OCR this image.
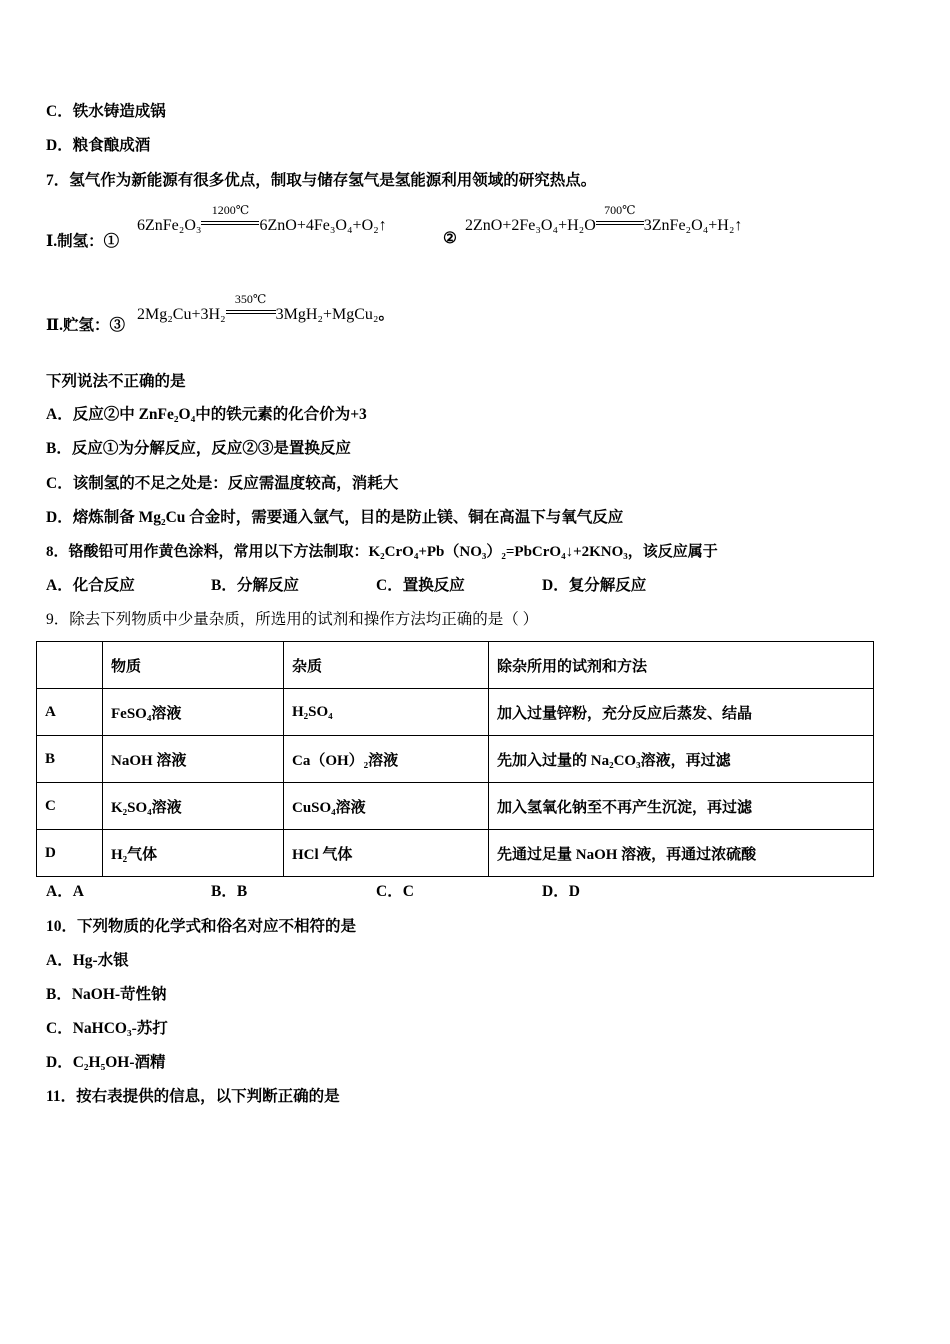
C．铁水铸造成锅
D．粮食酿成酒
7．氢气作为新能源有很多优点，制取与储存氢气是氢能源利用领域的研究热点。
Ⅰ.制氢：①
6ZnFe₂O₃
1200℃
6ZnO+4Fe₃O₄+O₂↑
②
2ZnO+2Fe₃O₄+H₂O
700℃
3ZnFe₂O₄+H₂↑
Ⅱ.贮氢：③
2Mg₂Cu+3H₂
350℃
3MgH₂+MgCu₂。
下列说法不正确的是
A．反应②中 ZnFe₂O₄中的铁元素的化合价为+3
B．反应①为分解反应，反应②③是置换反应
C．该制氢的不足之处是：反应需温度较高，消耗大
D．熔炼制备 Mg₂Cu 合金时，需要通入氩气，目的是防止镁、铜在高温下与氧气反应
8．铬酸铅可用作黄色涂料，常用以下方法制取：K₂CrO₄+Pb（NO₃）₂=PbCrO₄↓+2KNO₃，该反应属于
A．化合反应	B．分解反应	C．置换反应	D．复分解反应
9．除去下列物质中少量杂质，所选用的试剂和操作方法均正确的是（ ）
	物质	杂质	除杂所用的试剂和方法
A	FeSO₄溶液	H₂SO₄	加入过量锌粉，充分反应后蒸发、结晶
B	NaOH 溶液	Ca（OH）₂溶液	先加入过量的 Na₂CO₃溶液，再过滤
C	K₂SO₄溶液	CuSO₄溶液	加入氢氧化钠至不再产生沉淀，再过滤
D	H₂气体	HCl 气体	先通过足量 NaOH 溶液，再通过浓硫酸
A．A	B．B	C．C	D．D
10．下列物质的化学式和俗名对应不相符的是
A．Hg-水银
B．NaOH-苛性钠
C．NaHCO₃-苏打
D．C₂H₅OH-酒精
11．按右表提供的信息，以下判断正确的是
